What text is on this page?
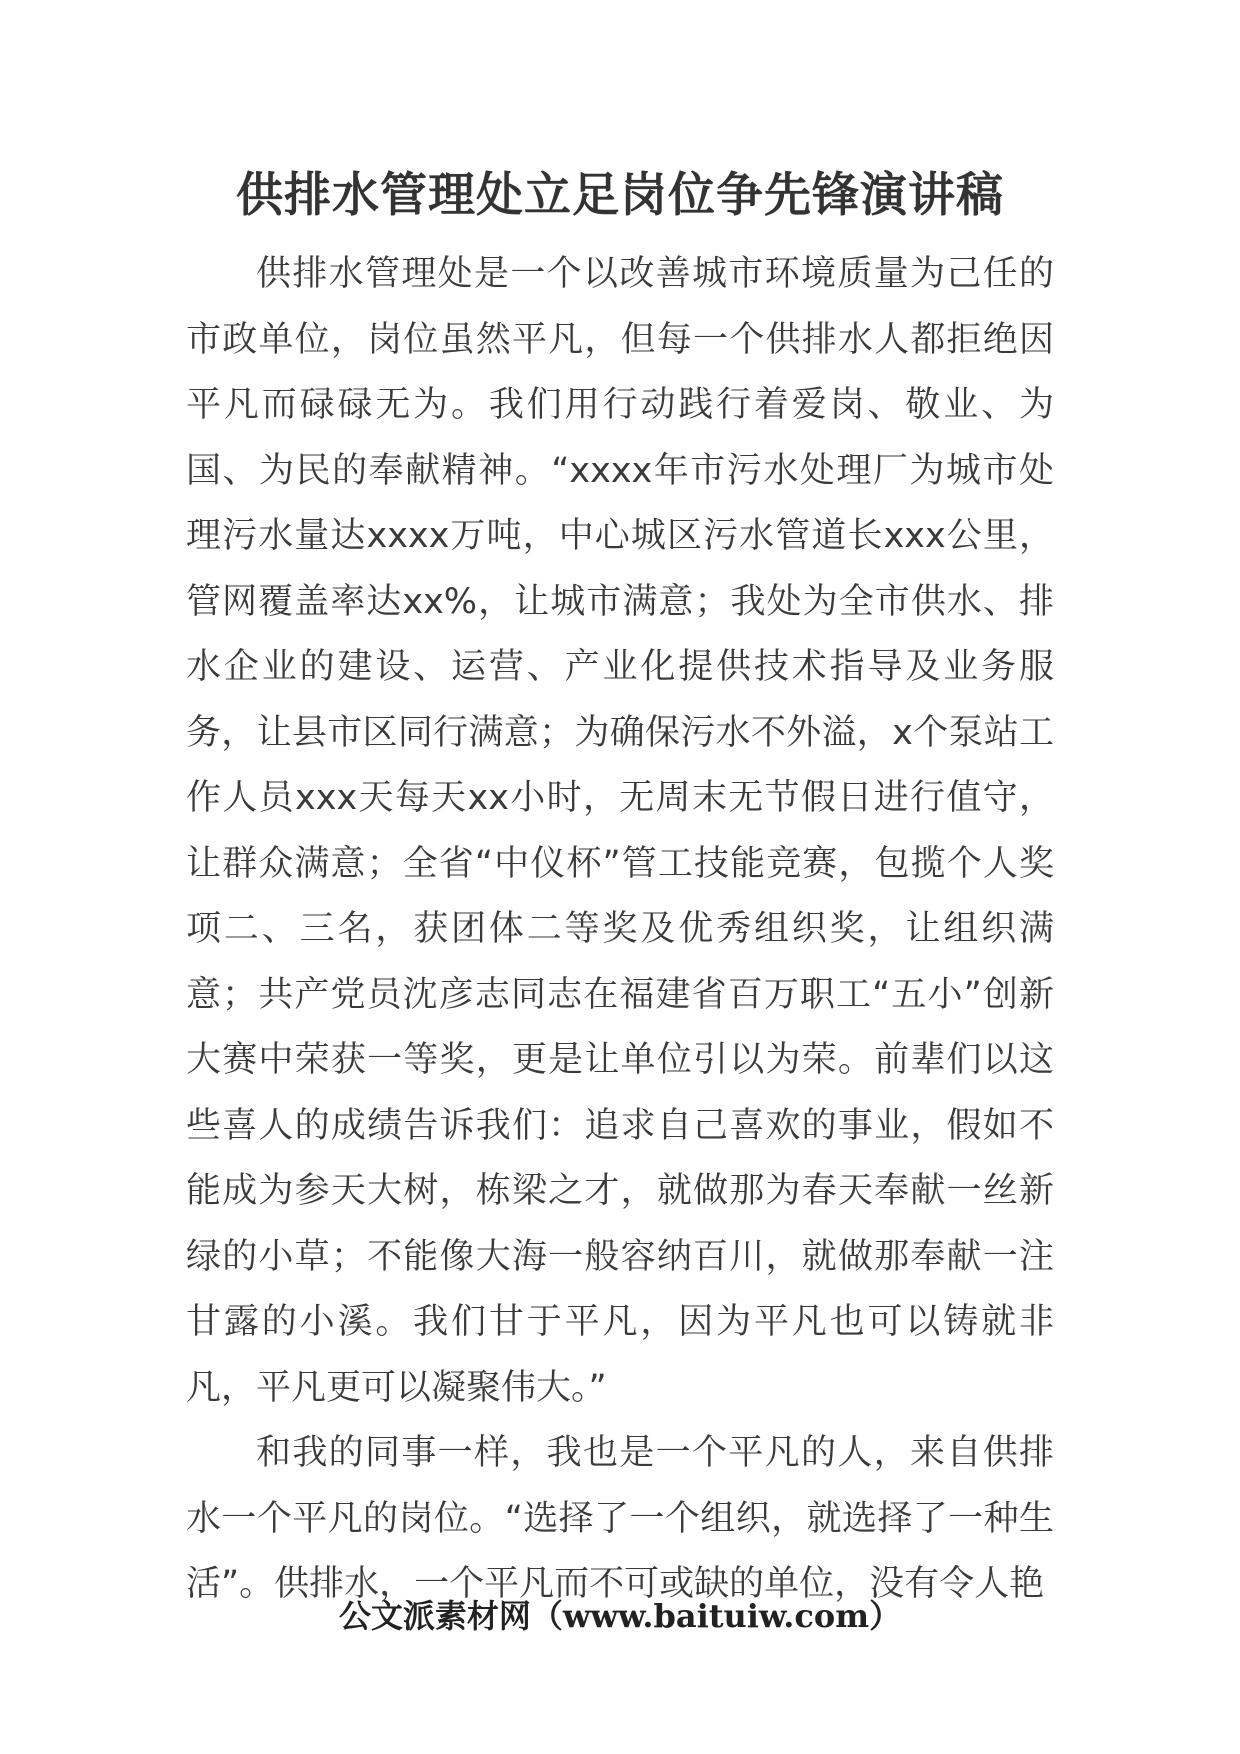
供排水管理处立足岗位争先锋演讲稿

供排水管理处是一个以改善城市环境质量为己任的市政单位，岗位虽然平凡，但每一个供排水人都拒绝因平凡而碌碌无为。我们用行动践行着爱岗、敬业、为国、为民的奉献精神。“xxxx年市污水处理厂为城市处理污水量达xxxx万吨，中心城区污水管道长xxx公里，管网覆盖率达xx%，让城市满意；我处为全市供水、排水企业的建设、运营、产业化提供技术指导及业务服务，让县市区同行满意；为确保污水不外溢，x个泵站工作人员xxx天每天xx小时，无周末无节假日进行值守，让群众满意；全省“中仪杯”管工技能竞赛，包揽个人奖项二、三名，获团体二等奖及优秀组织奖，让组织满意；共产党员沈彦志同志在福建省百万职工“五小”创新大赛中荣获一等奖，更是让单位引以为荣。前辈们以这些喜人的成绩告诉我们：追求自己喜欢的事业，假如不能成为参天大树，栋梁之才，就做那为春天奉献一丝新绿的小草；不能像大海一般容纳百川，就做那奉献一注甘露的小溪。我们甘于平凡，因为平凡也可以铸就非凡，平凡更可以凝聚伟大。”

和我的同事一样，我也是一个平凡的人，来自供排水一个平凡的岗位。“选择了一个组织，就选择了一种生活”。供排水，一个平凡而不可或缺的单位，没有令人艳

公文派素材网（www.baituiw.com）
